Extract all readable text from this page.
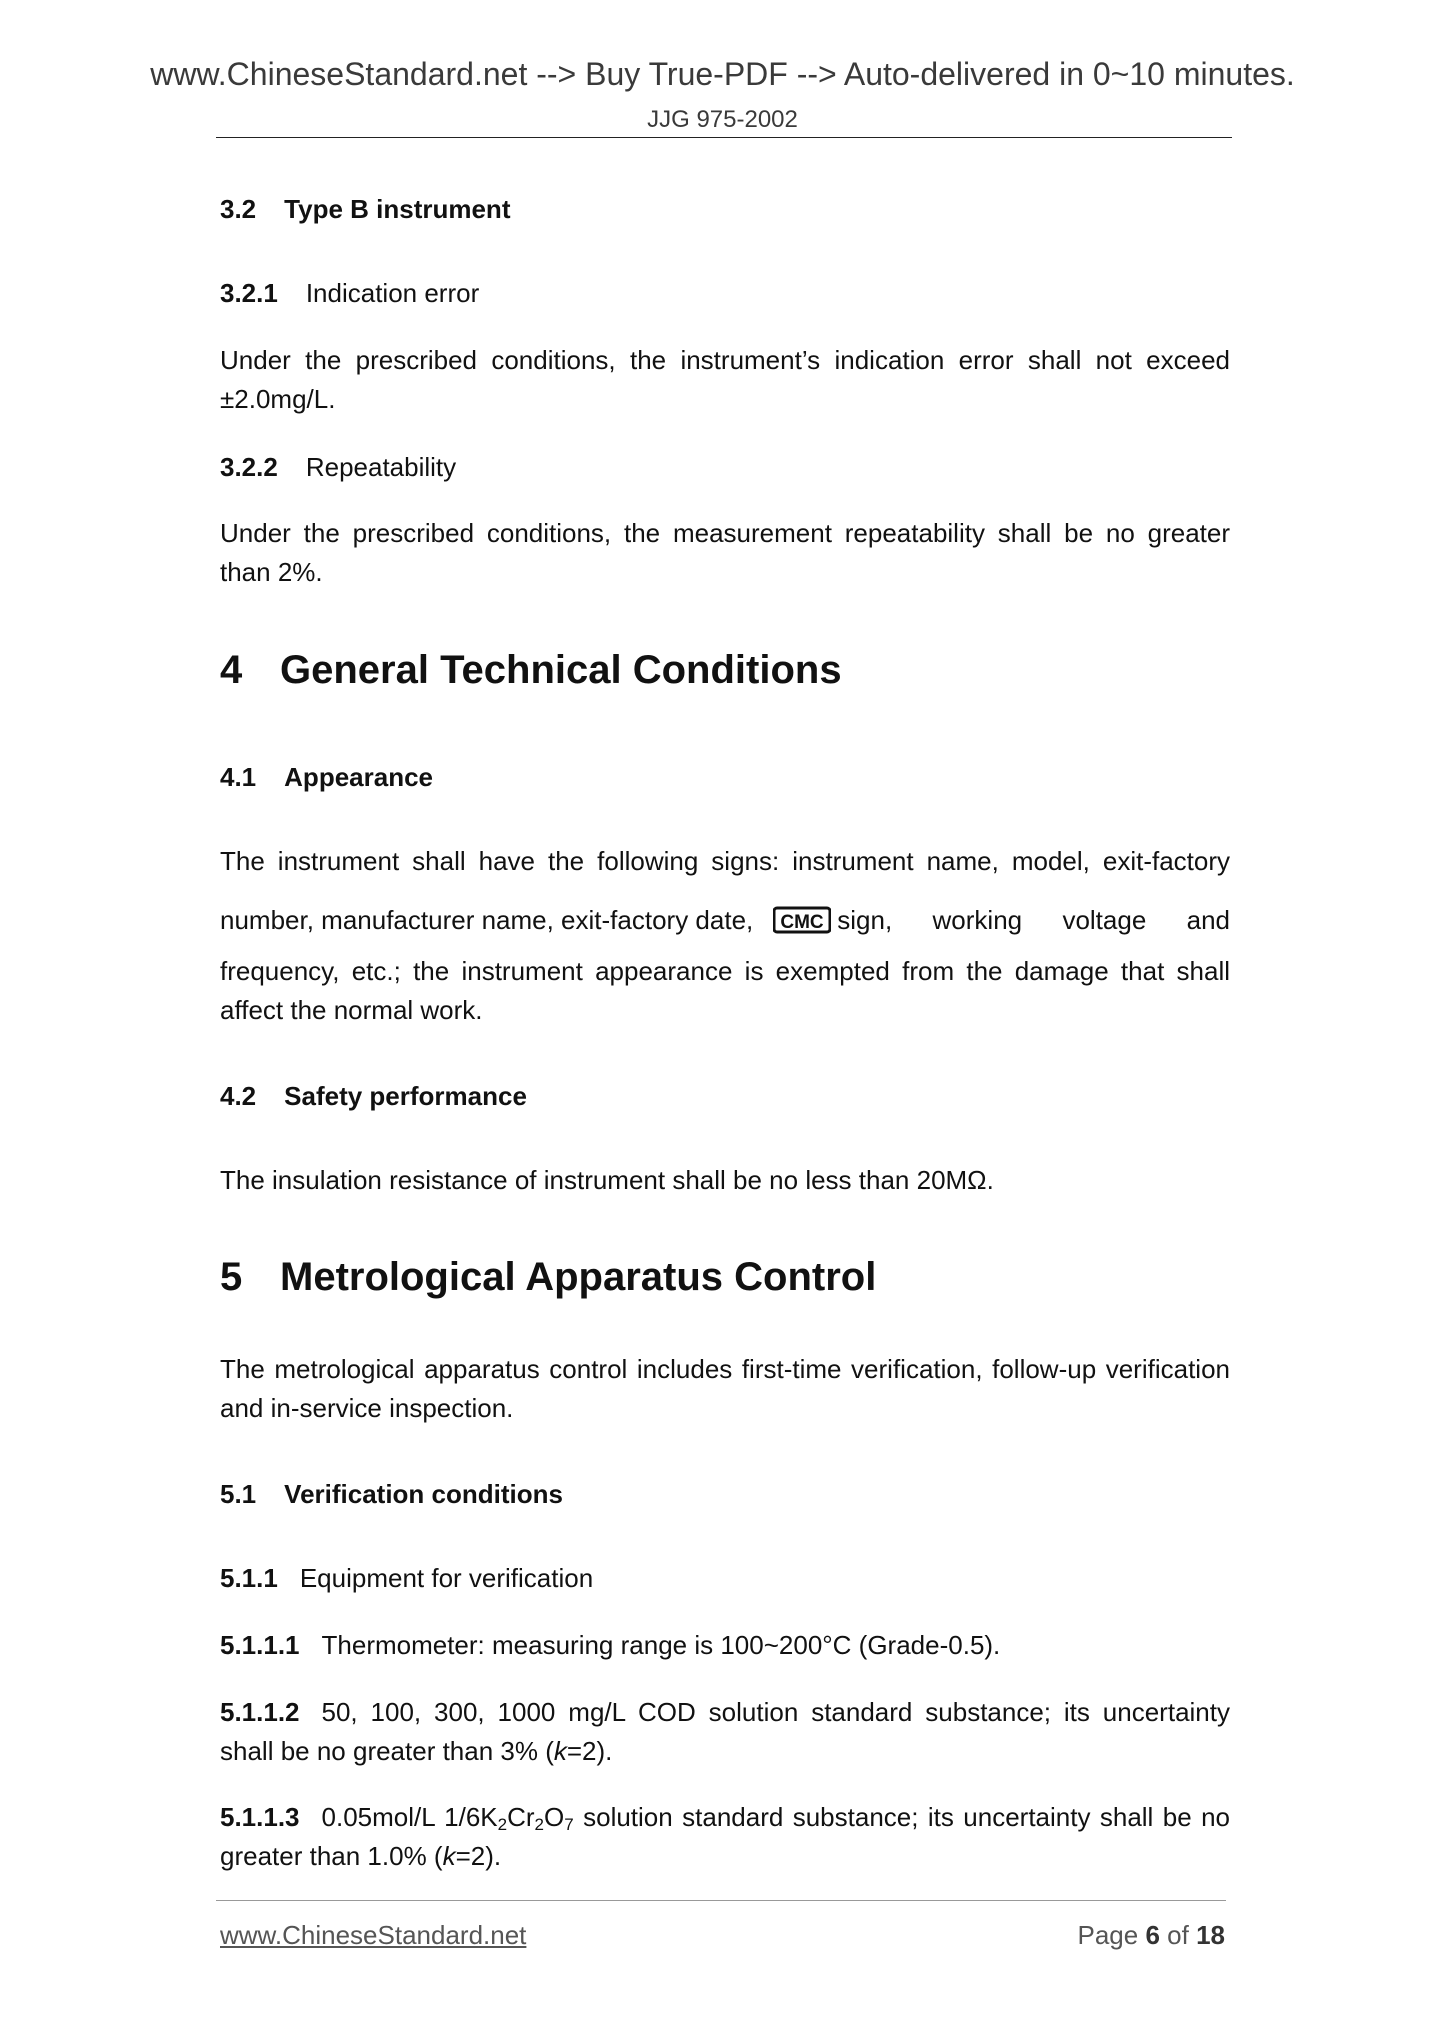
www.ChineseStandard.net --> Buy True-PDF --> Auto-delivered in 0~10 minutes.
JJG 975-2002
3.2 Type B instrument
3.2.1 Indication error
Under the prescribed conditions, the instrument’s indication error shall not exceed ±2.0mg/L.
3.2.2 Repeatability
Under the prescribed conditions, the measurement repeatability shall be no greater than 2%.
4 General Technical Conditions
4.1 Appearance
The instrument shall have the following signs: instrument name, model, exit-factory
number, manufacturer name, exit-factory date, CMC sign, working voltage and
frequency, etc.; the instrument appearance is exempted from the damage that shall affect the normal work.
4.2 Safety performance
The insulation resistance of instrument shall be no less than 20MΩ.
5 Metrological Apparatus Control
The metrological apparatus control includes first-time verification, follow-up verification and in-service inspection.
5.1 Verification conditions
5.1.1 Equipment for verification
5.1.1.1 Thermometer: measuring range is 100~200°C (Grade-0.5).
5.1.1.2 50, 100, 300, 1000 mg/L COD solution standard substance; its uncertainty shall be no greater than 3% (k=2).
5.1.1.3 0.05mol/L $1/6K_2Cr_2O_7$ solution standard substance; its uncertainty shall be no greater than 1.0% (k=2).
www.ChineseStandard.net	Page 6 of 18
